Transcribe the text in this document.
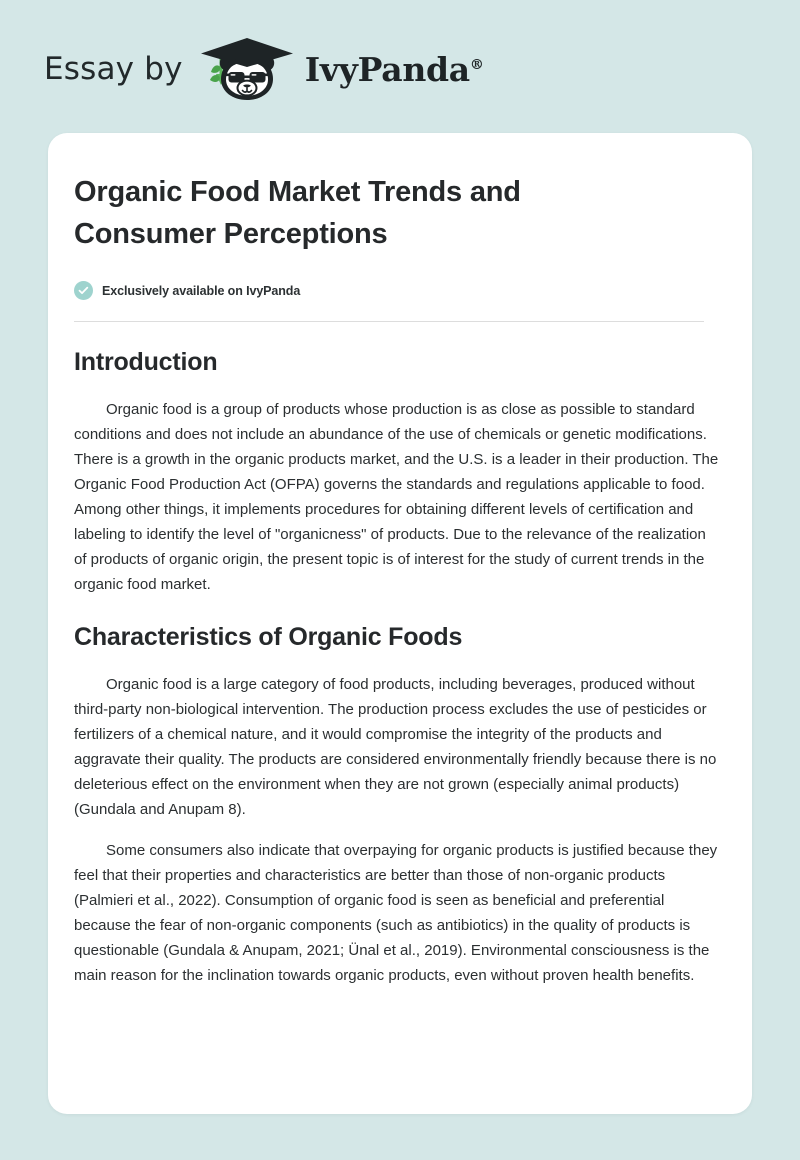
Essay by	IvyPanda®
Organic Food Market Trends and Consumer Perceptions
Exclusively available on IvyPanda
Introduction

Organic food is a group of products whose production is as close as possible to standard conditions and does not include an abundance of the use of chemicals or genetic modifications. There is a growth in the organic products market, and the U.S. is a leader in their production. The Organic Food Production Act (OFPA) governs the standards and regulations applicable to food. Among other things, it implements procedures for obtaining different levels of certification and labeling to identify the level of "organicness" of products. Due to the relevance of the realization of products of organic origin, the present topic is of interest for the study of current trends in the organic food market.

Characteristics of Organic Foods

Organic food is a large category of food products, including beverages, produced without third-party non-biological intervention. The production process excludes the use of pesticides or fertilizers of a chemical nature, and it would compromise the integrity of the products and aggravate their quality. The products are considered environmentally friendly because there is no deleterious effect on the environment when they are not grown (especially animal products) (Gundala and Anupam 8).

Some consumers also indicate that overpaying for organic products is justified because they feel that their properties and characteristics are better than those of non-organic products (Palmieri et al., 2022). Consumption of organic food is seen as beneficial and preferential because the fear of non-organic components (such as antibiotics) in the quality of products is questionable (Gundala & Anupam, 2021; Ünal et al., 2019). Environmental consciousness is the main reason for the inclination towards organic products, even without proven health benefits.
